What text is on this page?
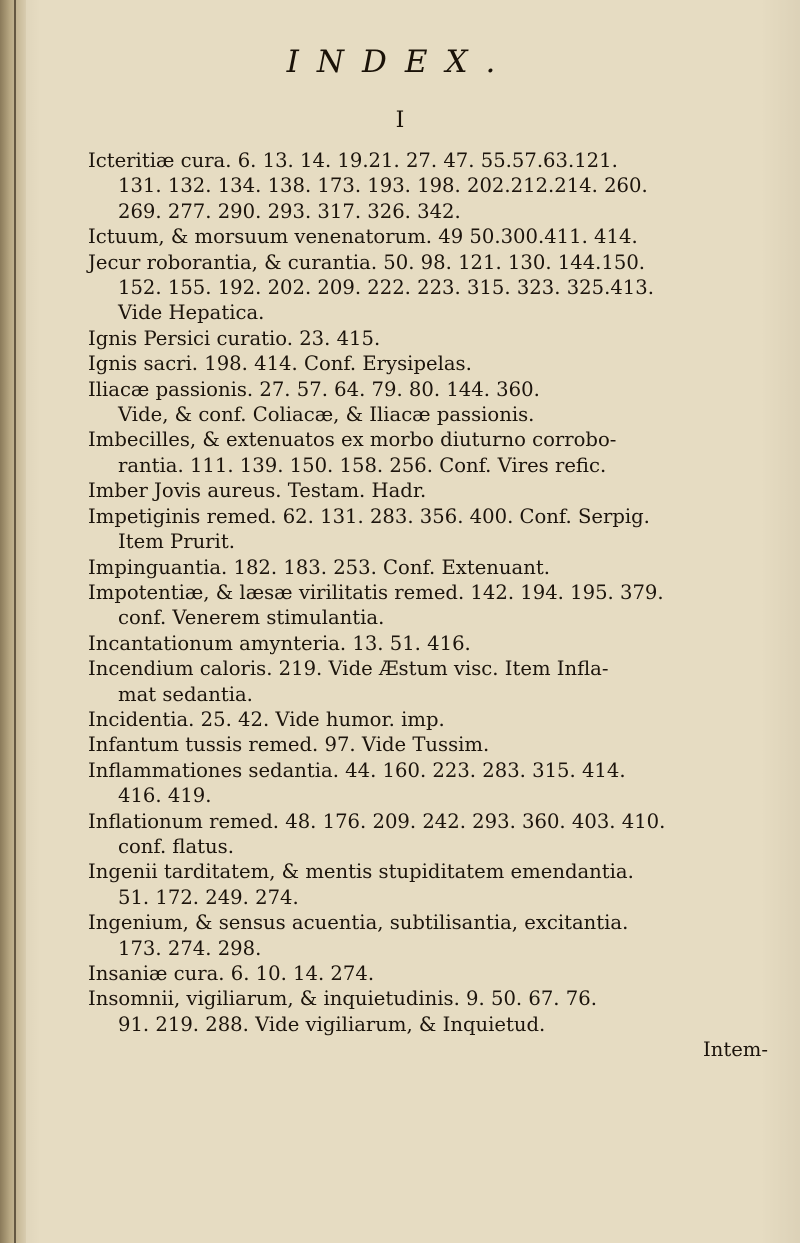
INDEX.
I
Icteritiæ cura. 6. 13. 14. 19.21. 27. 47. 55.57.63.121.
131. 132. 134. 138. 173. 193. 198. 202.212.214. 260.
269. 277. 290. 293. 317. 326. 342.
Ictuum, & morsuum venenatorum. 49 50.300.411. 414.
Jecur roborantia, & curantia. 50. 98. 121. 130. 144.150.
152. 155. 192. 202. 209. 222. 223. 315. 323. 325.413.
Vide Hepatica.
Ignis Persici curatio. 23. 415.
Ignis sacri. 198. 414. Conf. Erysipelas.
Iliacæ passionis. 27. 57. 64. 79. 80. 144. 360.
Vide, & conf. Coliacæ, & Iliacæ passionis.
Imbecilles, & extenuatos ex morbo diuturno corrobo-
rantia. 111. 139. 150. 158. 256. Conf. Vires refic.
Imber Jovis aureus. Testam. Hadr.
Impetiginis remed. 62. 131. 283. 356. 400. Conf. Serpig.
Item Prurit.
Impinguantia. 182. 183. 253. Conf. Extenuant.
Impotentiæ, & læsæ virilitatis remed. 142. 194. 195. 379.
conf. Venerem stimulantia.
Incantationum amynteria. 13. 51. 416.
Incendium caloris. 219. Vide Æstum visc. Item Infla-
mat sedantia.
Incidentia. 25. 42. Vide humor. imp.
Infantum tussis remed. 97. Vide Tussim.
Inflammationes sedantia. 44. 160. 223. 283. 315. 414.
416. 419.
Inflationum remed. 48. 176. 209. 242. 293. 360. 403. 410.
conf. flatus.
Ingenii tarditatem, & mentis stupiditatem emendantia.
51. 172. 249. 274.
Ingenium, & sensus acuentia, subtilisantia, excitantia.
173. 274. 298.
Insaniæ cura. 6. 10. 14. 274.
Insomnii, vigiliarum, & inquietudinis. 9. 50. 67. 76.
91. 219. 288. Vide vigiliarum, & Inquietud.
Intem-
